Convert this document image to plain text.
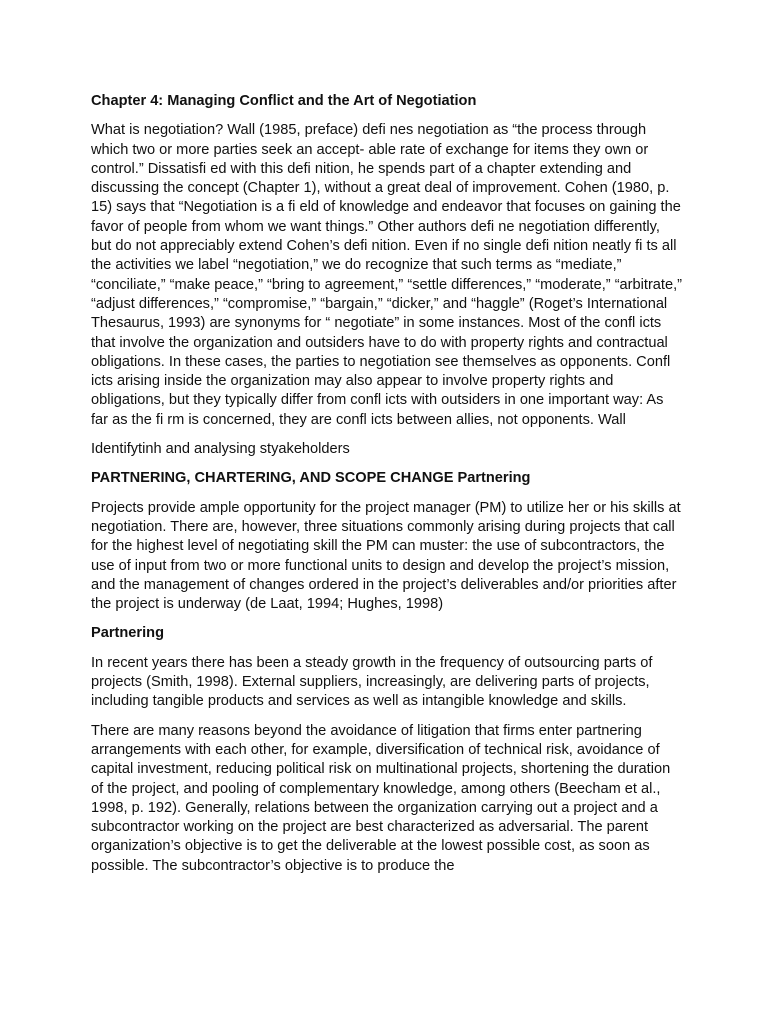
Chapter 4: Managing Conflict and the Art of Negotiation

What is negotiation? Wall (1985, preface) defi nes negotiation as “the process through which two or more parties seek an accept- able rate of exchange for items they own or control.” Dissatisfi ed with this defi nition, he spends part of a chapter extending and discussing the concept (Chapter 1), without a great deal of improvement. Cohen (1980, p. 15) says that “Negotiation is a fi eld of knowledge and endeavor that focuses on gaining the favor of people from whom we want things.” Other authors defi ne negotiation differently, but do not appreciably extend Cohen’s defi nition. Even if no single defi nition neatly fi ts all the activities we label “negotiation,” we do recognize that such terms as “mediate,” “conciliate,” “make peace,” “bring to agreement,” “settle differences,” “moderate,” “arbitrate,” “adjust differences,” “compromise,” “bargain,” “dicker,” and “haggle” (Roget’s International Thesaurus, 1993) are synonyms for “ negotiate” in some instances. Most of the confl icts that involve the organization and outsiders have to do with property rights and contractual obligations. In these cases, the parties to negotiation see themselves as opponents. Confl icts arising inside the organization may also appear to involve property rights and obligations, but they typically differ from confl icts with outsiders in one important way: As far as the fi rm is concerned, they are confl icts between allies, not opponents. Wall

Identifytinh and analysing styakeholders

PARTNERING, CHARTERING, AND SCOPE CHANGE Partnering

Projects provide ample opportunity for the project manager (PM) to utilize her or his skills at negotiation. There are, however, three situations commonly arising during projects that call for the highest level of negotiating skill the PM can muster: the use of subcontractors, the use of input from two or more functional units to design and develop the project’s mission, and the management of changes ordered in the project’s deliverables and/or priorities after the project is underway (de Laat, 1994; Hughes, 1998)

Partnering

In recent years there has been a steady growth in the frequency of outsourcing parts of projects (Smith, 1998). External suppliers, increasingly, are delivering parts of projects, including tangible products and services as well as intangible knowledge and skills.

There are many reasons beyond the avoidance of litigation that firms enter partnering arrangements with each other, for example, diversification of technical risk, avoidance of capital investment, reducing political risk on multinational projects, shortening the duration of the project, and pooling of complementary knowledge, among others (Beecham et al., 1998, p. 192). Generally, relations between the organization carrying out a project and a subcontractor working on the project are best characterized as adversarial. The parent organization’s objective is to get the deliverable at the lowest possible cost, as soon as possible. The subcontractor’s objective is to produce the
